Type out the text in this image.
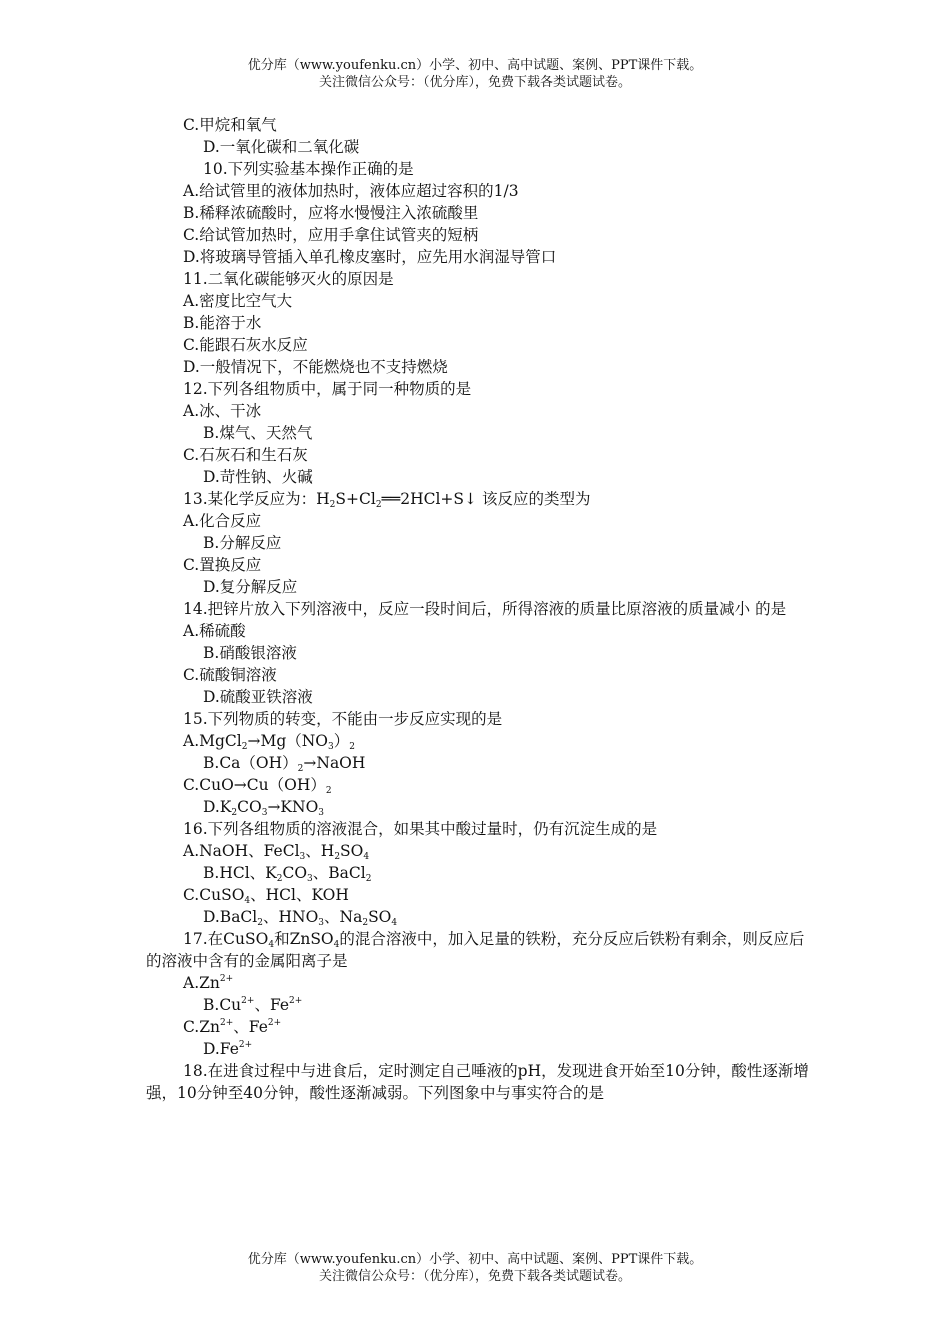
优分库（www.youfenku.cn）小学、初中、高中试题、案例、PPT课件下载。
关注微信公众号：（优分库），免费下载各类试题试卷。
C.甲烷和氧气
D.一氧化碳和二氧化碳
10.下列实验基本操作正确的是
A.给试管里的液体加热时，液体应超过容积的1/3
B.稀释浓硫酸时，应将水慢慢注入浓硫酸里
C.给试管加热时，应用手拿住试管夹的短柄
D.将玻璃导管插入单孔橡皮塞时，应先用水润湿导管口
11.二氧化碳能够灭火的原因是
A.密度比空气大
B.能溶于水
C.能跟石灰水反应
D.一般情况下，不能燃烧也不支持燃烧
12.下列各组物质中，属于同一种物质的是
A.冰、干冰
B.煤气、天然气
C.石灰石和生石灰
D.苛性钠、火碱
13.某化学反应为：$H_2S+Cl_2══2HCl+S↓$ 该反应的类型为
A.化合反应
B.分解反应
C.置换反应
D.复分解反应
14.把锌片放入下列溶液中，反应一段时间后，所得溶液的质量比原溶液的质量减小 的是
A.稀硫酸
B.硝酸银溶液
C.硫酸铜溶液
D.硫酸亚铁溶液
15.下列物质的转变，不能由一步反应实现的是
$A.MgCl_2\to Mg(NO_3)_2$
$B.Ca(OH)_2\to NaOH$
$C.CuO\to Cu(OH)_2$
$D.K_2CO_3\to KNO_3$
16.下列各组物质的溶液混合，如果其中酸过量时，仍有沉淀生成的是
A.NaOH、FeCl$_3$、$H_2SO_4$
B.HCl、$K_2CO_3$、BaCl$_2$
C.CuSO$_4$、HCl、KOH
D.BaCl$_2$、$HNO_3$、$Na_2SO_4$
17.在CuSO$_4$和ZnSO$_4$的混合溶液中，加入足量的铁粉，充分反应后铁粉有剩余，则反应后的溶液中含有的金属阳离子是
$A.Zn^{2+}$
$B.Cu^{2+}$、$Fe^{2+}$
$C.Zn^{2+}$、$Fe^{2+}$
$D.Fe^{2+}$
18.在进食过程中与进食后，定时测定自己唾液的pH，发现进食开始至10分钟，酸性逐渐增强，10分钟至40分钟，酸性逐渐减弱。下列图象中与事实符合的是
优分库（www.youfenku.cn）小学、初中、高中试题、案例、PPT课件下载。
关注微信公众号：（优分库），免费下载各类试题试卷。
